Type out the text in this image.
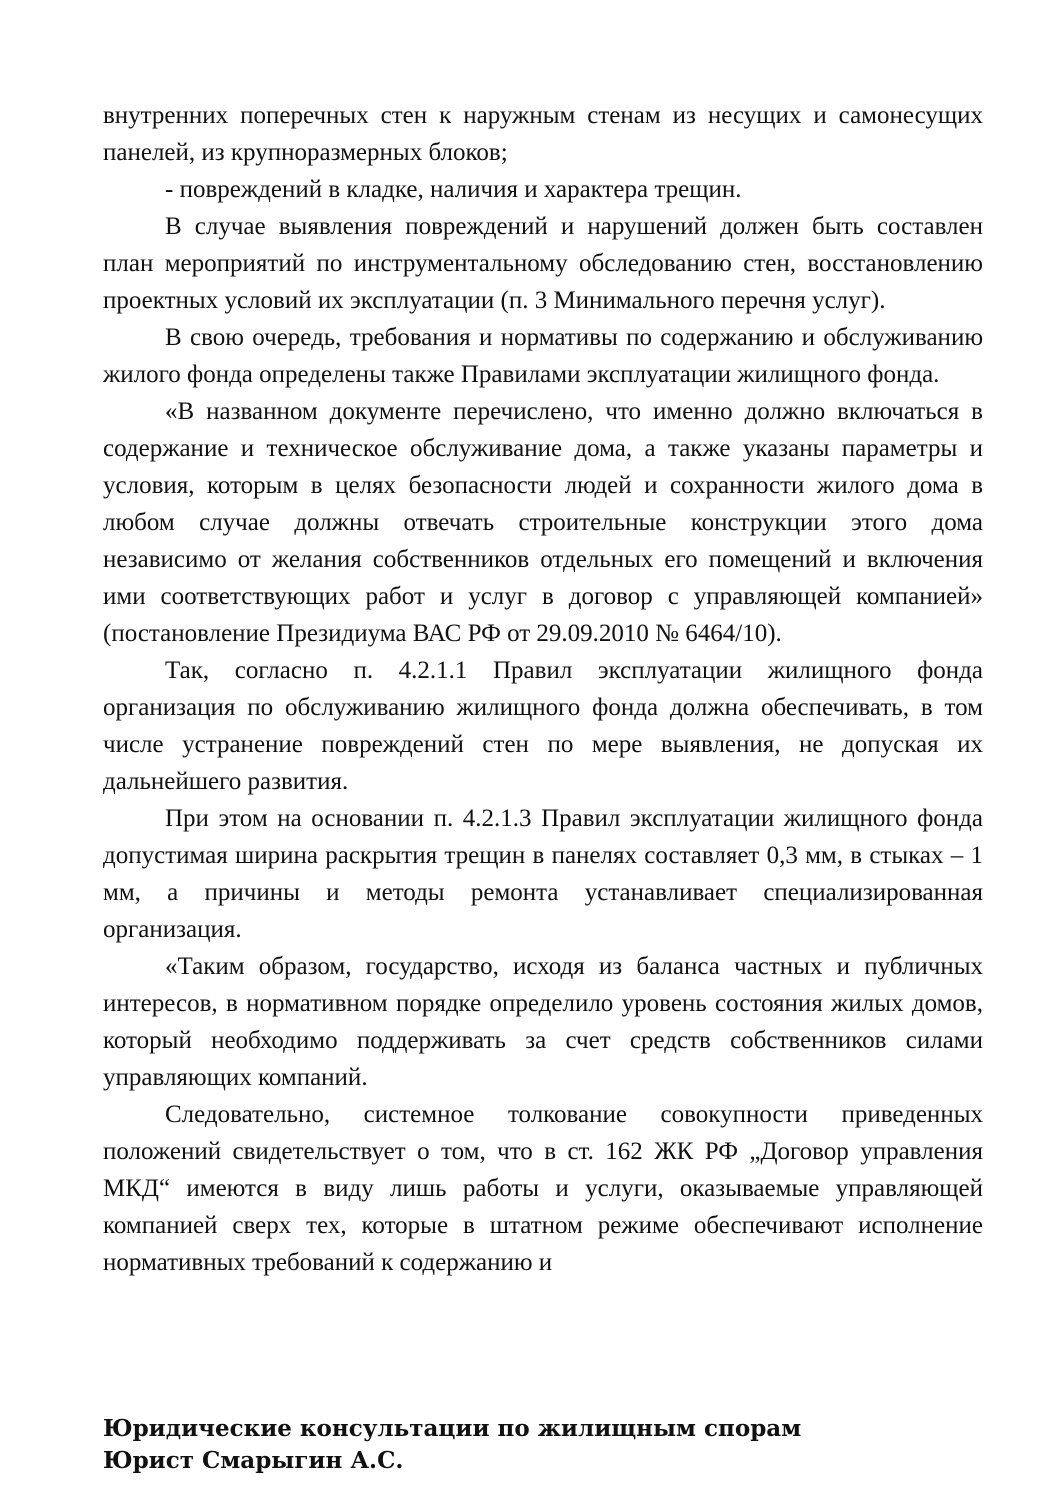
внутренних поперечных стен к наружным стенам из несущих и самонесущих панелей, из крупноразмерных блоков;

- повреждений в кладке, наличия и характера трещин.

В случае выявления повреждений и нарушений должен быть составлен план мероприятий по инструментальному обследованию стен, восстановлению проектных условий их эксплуатации (п. 3 Минимального перечня услуг).

В свою очередь, требования и нормативы по содержанию и обслуживанию жилого фонда определены также Правилами эксплуатации жилищного фонда.

«В названном документе перечислено, что именно должно включаться в содержание и техническое обслуживание дома, а также указаны параметры и условия, которым в целях безопасности людей и сохранности жилого дома в любом случае должны отвечать строительные конструкции этого дома независимо от желания собственников отдельных его помещений и включения ими соответствующих работ и услуг в договор с управляющей компанией» (постановление Президиума ВАС РФ от 29.09.2010 № 6464/10).

Так, согласно п. 4.2.1.1 Правил эксплуатации жилищного фонда организация по обслуживанию жилищного фонда должна обеспечивать, в том числе устранение повреждений стен по мере выявления, не допуская их дальнейшего развития.

При этом на основании п. 4.2.1.3 Правил эксплуатации жилищного фонда допустимая ширина раскрытия трещин в панелях составляет 0,3 мм, в стыках – 1 мм, а причины и методы ремонта устанавливает специализированная организация.

«Таким образом, государство, исходя из баланса частных и публичных интересов, в нормативном порядке определило уровень состояния жилых домов, который необходимо поддерживать за счет средств собственников силами управляющих компаний.

Следовательно, системное толкование совокупности приведенных положений свидетельствует о том, что в ст. 162 ЖК РФ „Договор управления МКД“ имеются в виду лишь работы и услуги, оказываемые управляющей компанией сверх тех, которые в штатном режиме обеспечивают исполнение нормативных требований к содержанию и

Юридические консультации по жилищным спорам
Юрист Смарыгин А.С.
